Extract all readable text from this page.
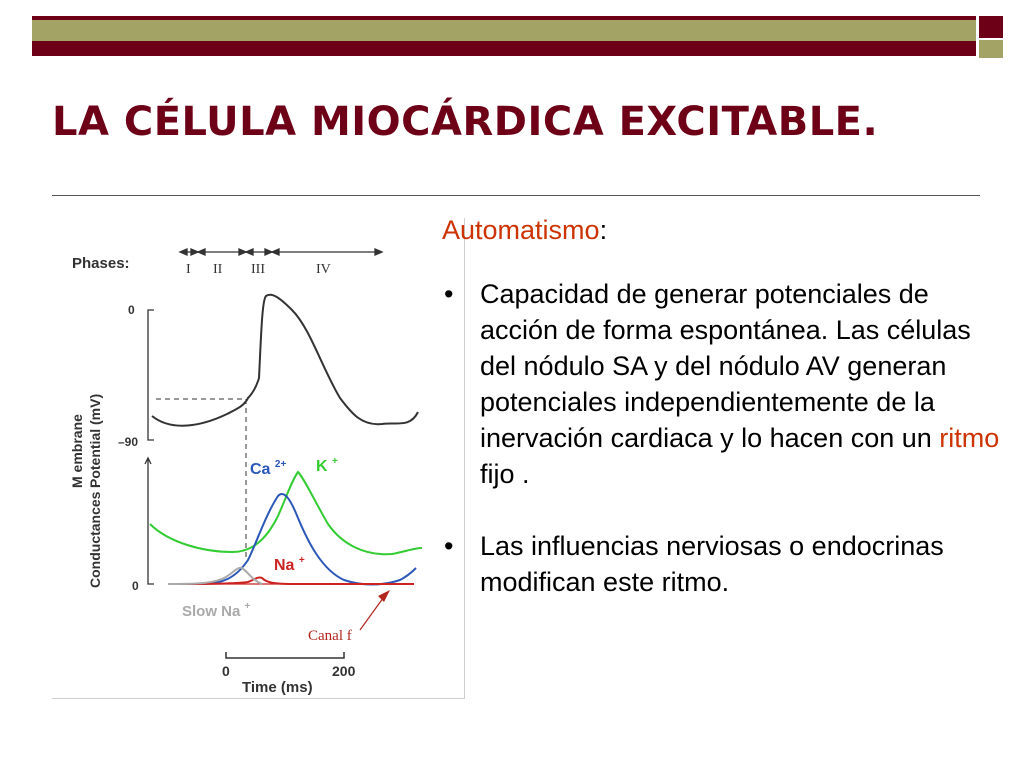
LA CÉLULA MIOCÁRDICA EXCITABLE.
Phases:	I II III	IV
M embrane Potential (mV)
0
–90
Conductances 0
Ca $^{2+}$ K +
Na +
Slow Na +
Canal f
0	200
Time (ms)
Automatismo:
• Capacidad de generar potenciales de acción de forma espontánea. Las células del nódulo SA y del nódulo AV generan potenciales independientemente de la inervación cardiaca y lo hacen con un ritmo fijo .
• Las influencias nerviosas o endocrinas modifican este ritmo.
